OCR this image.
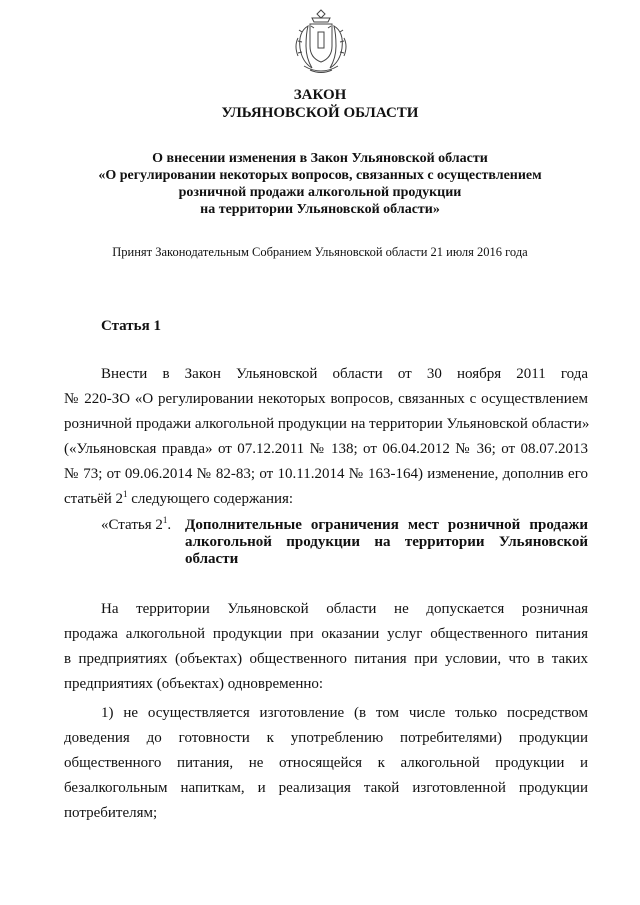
ЗАКОН
УЛЬЯНОВСКОЙ ОБЛАСТИ
О внесении изменения в Закон Ульяновской области
«О регулировании некоторых вопросов, связанных с осуществлением
розничной продажи алкогольной продукции
на территории Ульяновской области»
Принят Законодательным Собранием Ульяновской области 21 июля 2016 года
Статья 1
Внести в Закон Ульяновской области от 30 ноября 2011 года
№ 220-ЗО «О регулировании некоторых вопросов, связанных с осуществлением
розничной продажи алкогольной продукции на территории Ульяновской области»
(«Ульяновская правда» от 07.12.2011 № 138; от 06.04.2012 № 36; от 08.07.2013
№ 73; от 09.06.2014 № 82-83; от 10.11.2014 № 163-164) изменение, дополнив его
статьёй $2^1$ следующего содержания:
«Статья $2^1$. Дополнительные ограничения мест розничной продажи
алкогольной продукции на территории Ульяновской
области
На территории Ульяновской области не допускается розничная
продажа алкогольной продукции при оказании услуг общественного питания
в предприятиях (объектах) общественного питания при условии, что в таких
предприятиях (объектах) одновременно:
1) не осуществляется изготовление (в том числе только посредством
доведения до готовности к употреблению потребителями) продукции
общественного питания, не относящейся к алкогольной продукции и
безалкогольным напиткам, и реализация такой изготовленной продукции
потребителям;
